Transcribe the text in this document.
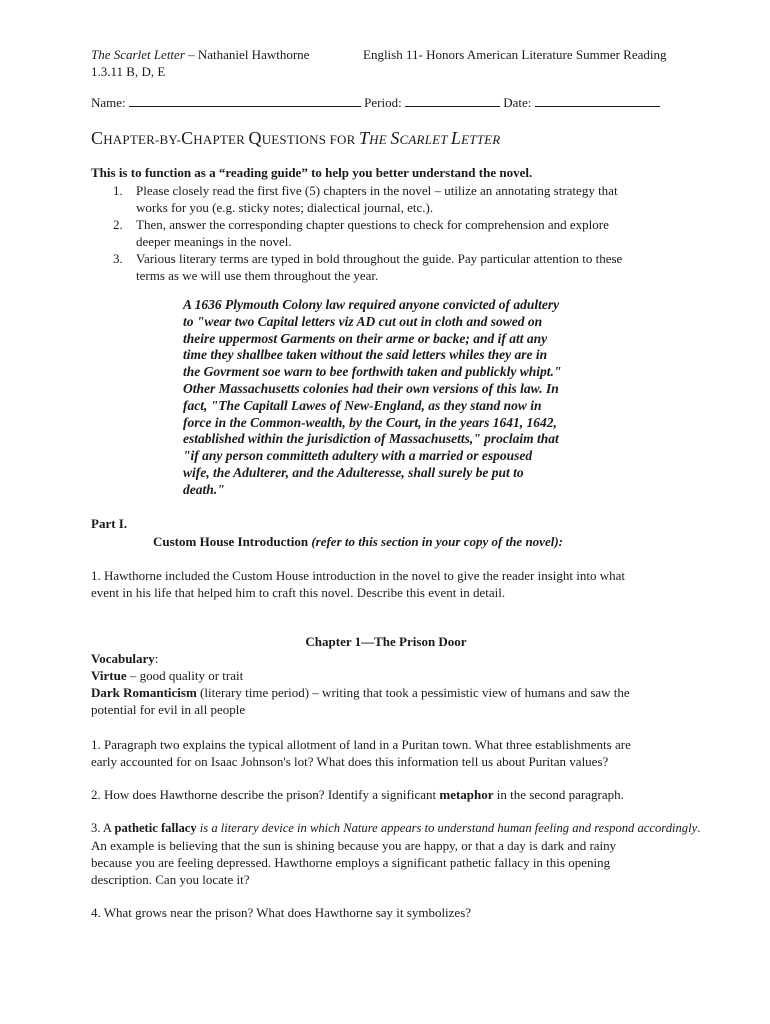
The Scarlet Letter – Nathaniel Hawthorne	English 11- Honors American Literature Summer Reading
1.3.11 B, D, E
Name:	Period:	Date:
CHAPTER-BY-CHAPTER QUESTIONS FOR THE SCARLET LETTER
This is to function as a “reading guide” to help you better understand the novel.
1. Please closely read the first five (5) chapters in the novel – utilize an annotating strategy that
works for you (e.g. sticky notes; dialectical journal, etc.).
2. Then, answer the corresponding chapter questions to check for comprehension and explore
deeper meanings in the novel.
3. Various literary terms are typed in bold throughout the guide. Pay particular attention to these
terms as we will use them throughout the year.
A 1636 Plymouth Colony law required anyone convicted of adultery
to "wear two Capital letters viz AD cut out in cloth and sowed on
theire uppermost Garments on their arme or backe; and if att any
time they shallbee taken without the said letters whiles they are in
the Govrment soe warn to bee forthwith taken and publickly whipt."
Other Massachusetts colonies had their own versions of this law. In
fact, "The Capitall Lawes of New-England, as they stand now in
force in the Common-wealth, by the Court, in the years 1641, 1642,
established within the jurisdiction of Massachusetts," proclaim that
"if any person committeth adultery with a married or espoused
wife, the Adulterer, and the Adulteresse, shall surely be put to
death."
Part I.
Custom House Introduction (refer to this section in your copy of the novel):
1. Hawthorne included the Custom House introduction in the novel to give the reader insight into what
event in his life that helped him to craft this novel. Describe this event in detail.
Chapter 1—The Prison Door
Vocabulary:
Virtue – good quality or trait
Dark Romanticism (literary time period) – writing that took a pessimistic view of humans and saw the
potential for evil in all people
1. Paragraph two explains the typical allotment of land in a Puritan town. What three establishments are
early accounted for on Isaac Johnson's lot? What does this information tell us about Puritan values?
2. How does Hawthorne describe the prison? Identify a significant metaphor in the second paragraph.
3. A pathetic fallacy is a literary device in which Nature appears to understand human feeling and respond accordingly.
An example is believing that the sun is shining because you are happy, or that a day is dark and rainy
because you are feeling depressed. Hawthorne employs a significant pathetic fallacy in this opening
description. Can you locate it?
4. What grows near the prison? What does Hawthorne say it symbolizes?
